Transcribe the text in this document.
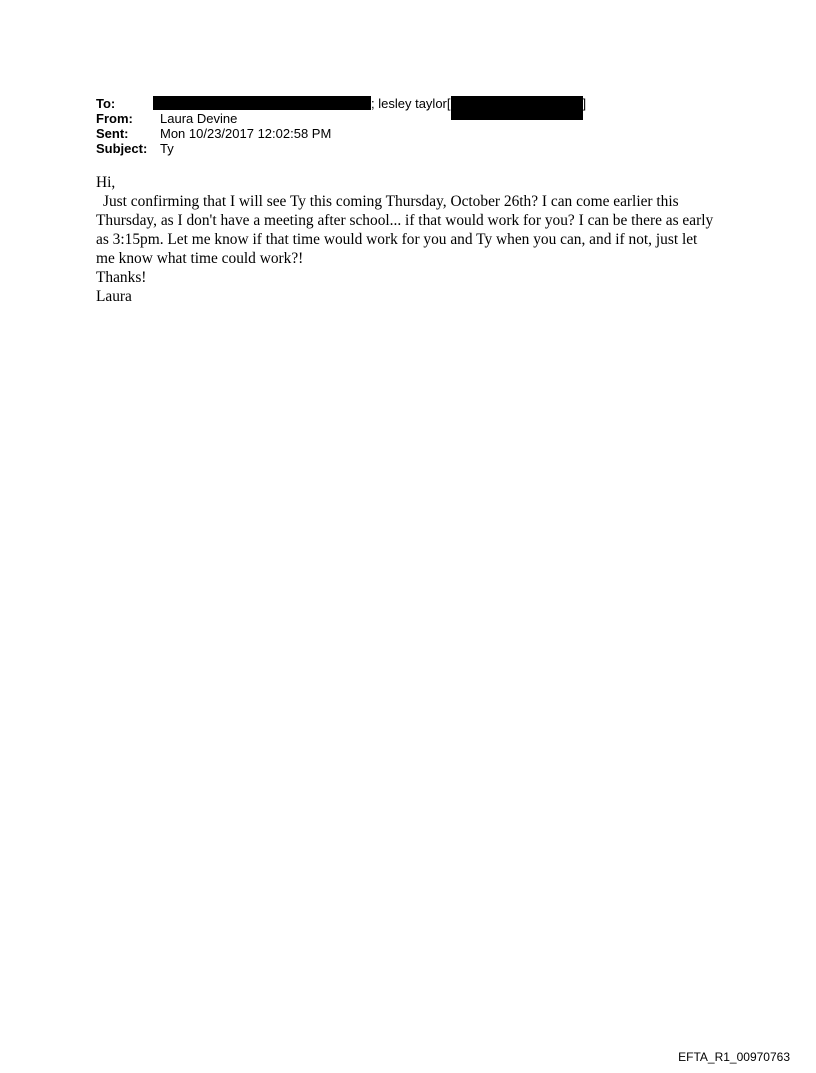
To:	; lesley taylor[	]
From: Laura Devine
Sent: Mon 10/23/2017 12:02:58 PM
Subject: Ty

Hi,

Just confirming that I will see Ty this coming Thursday, October 26th? I can come earlier this Thursday, as I don't have a meeting after school... if that would work for you? I can be there as early as 3:15pm. Let me know if that time would work for you and Ty when you can, and if not, just let me know what time could work?!

Thanks!

Laura

EFTA_R1_00970763
